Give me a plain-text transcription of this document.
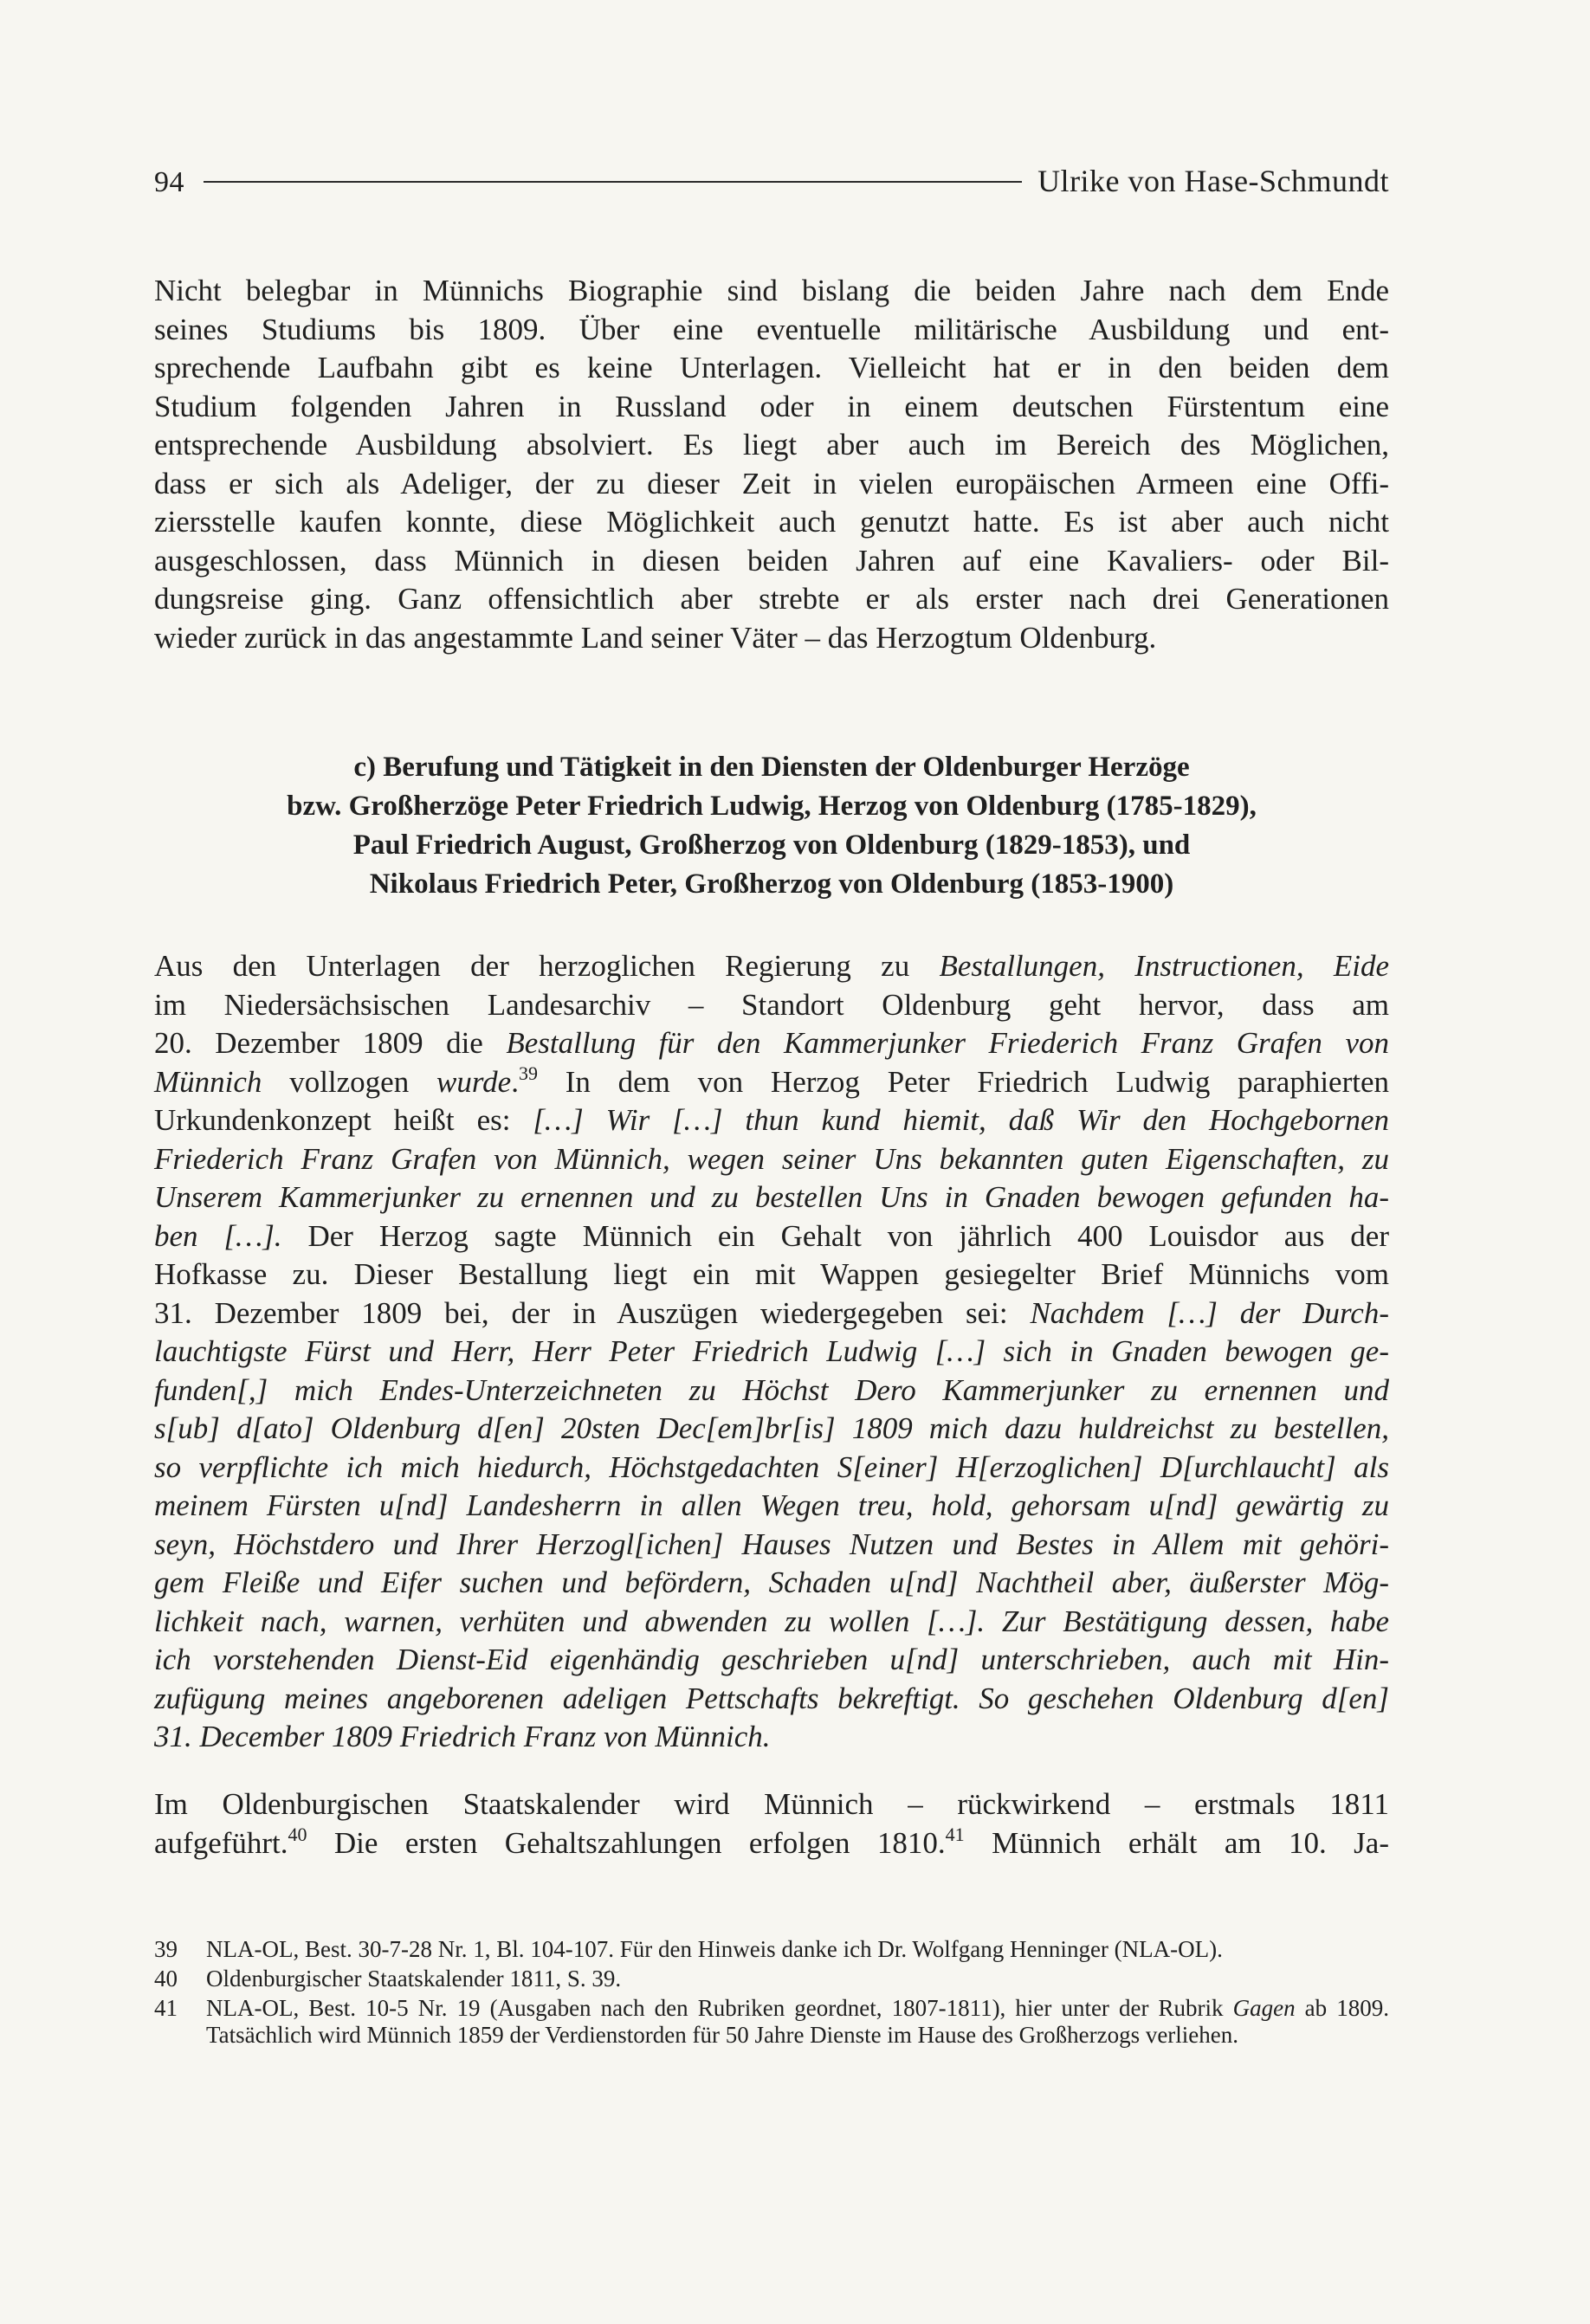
94	Ulrike von Hase-Schmundt
Nicht belegbar in Münnichs Biographie sind bislang die beiden Jahre nach dem Ende
seines Studiums bis 1809. Über eine eventuelle militärische Ausbildung und ent-
sprechende Laufbahn gibt es keine Unterlagen. Vielleicht hat er in den beiden dem
Studium folgenden Jahren in Russland oder in einem deutschen Fürstentum eine
entsprechende Ausbildung absolviert. Es liegt aber auch im Bereich des Möglichen,
dass er sich als Adeliger, der zu dieser Zeit in vielen europäischen Armeen eine Offi-
ziersstelle kaufen konnte, diese Möglichkeit auch genutzt hatte. Es ist aber auch nicht
ausgeschlossen, dass Münnich in diesen beiden Jahren auf eine Kavaliers- oder Bil-
dungsreise ging. Ganz offensichtlich aber strebte er als erster nach drei Generationen
wieder zurück in das angestammte Land seiner Väter – das Herzogtum Oldenburg.
c) Berufung und Tätigkeit in den Diensten der Oldenburger Herzöge
bzw. Großherzöge Peter Friedrich Ludwig, Herzog von Oldenburg (1785-1829),
Paul Friedrich August, Großherzog von Oldenburg (1829-1853), und
Nikolaus Friedrich Peter, Großherzog von Oldenburg (1853-1900)
Aus den Unterlagen der herzoglichen Regierung zu Bestallungen, Instructionen, Eide
im Niedersächsischen Landesarchiv – Standort Oldenburg geht hervor, dass am
20. Dezember 1809 die Bestallung für den Kammerjunker Friederich Franz Grafen von
Münnich vollzogen wurde.$^{39}$ In dem von Herzog Peter Friedrich Ludwig paraphierten
Urkundenkonzept heißt es: […] Wir […] thun kund hiemit, daß Wir den Hochgebornen
Friederich Franz Grafen von Münnich, wegen seiner Uns bekannten guten Eigenschaften, zu
Unserem Kammerjunker zu ernennen und zu bestellen Uns in Gnaden bewogen gefunden ha-
ben […]. Der Herzog sagte Münnich ein Gehalt von jährlich 400 Louisdor aus der
Hofkasse zu. Dieser Bestallung liegt ein mit Wappen gesiegelter Brief Münnichs vom
31. Dezember 1809 bei, der in Auszügen wiedergegeben sei: Nachdem […] der Durch-
lauchtigste Fürst und Herr, Herr Peter Friedrich Ludwig […] sich in Gnaden bewogen ge-
funden[,] mich Endes-Unterzeichneten zu Höchst Dero Kammerjunker zu ernennen und
s[ub] d[ato] Oldenburg d[en] 20sten Dec[em]br[is] 1809 mich dazu huldreichst zu bestellen,
so verpflichte ich mich hiedurch, Höchstgedachten S[einer] H[erzoglichen] D[urchlaucht] als
meinem Fürsten u[nd] Landesherrn in allen Wegen treu, hold, gehorsam u[nd] gewärtig zu
seyn, Höchstdero und Ihrer Herzogl[ichen] Hauses Nutzen und Bestes in Allem mit gehöri-
gem Fleiße und Eifer suchen und befördern, Schaden u[nd] Nachtheil aber, äußerster Mög-
lichkeit nach, warnen, verhüten und abwenden zu wollen […]. Zur Bestätigung dessen, habe
ich vorstehenden Dienst-Eid eigenhändig geschrieben u[nd] unterschrieben, auch mit Hin-
zufügung meines angeborenen adeligen Pettschafts bekreftigt. So geschehen Oldenburg d[en]
31. December 1809 Friedrich Franz von Münnich.
Im Oldenburgischen Staatskalender wird Münnich – rückwirkend – erstmals 1811
aufgeführt.$^{40}$ Die ersten Gehaltszahlungen erfolgen 1810.41 Münnich erhält am 10. Ja-
39	NLA-OL, Best. 30-7-28 Nr. 1, Bl. 104-107. Für den Hinweis danke ich Dr. Wolfgang Henninger (NLA-OL).
40	Oldenburgischer Staatskalender 1811, S. 39.
41	NLA-OL, Best. 10-5 Nr. 19 (Ausgaben nach den Rubriken geordnet, 1807-1811), hier unter der Rubrik Gagen ab 1809. Tatsächlich wird Münnich 1859 der Verdienstorden für 50 Jahre Dienste im Hause des Großherzogs verliehen.
